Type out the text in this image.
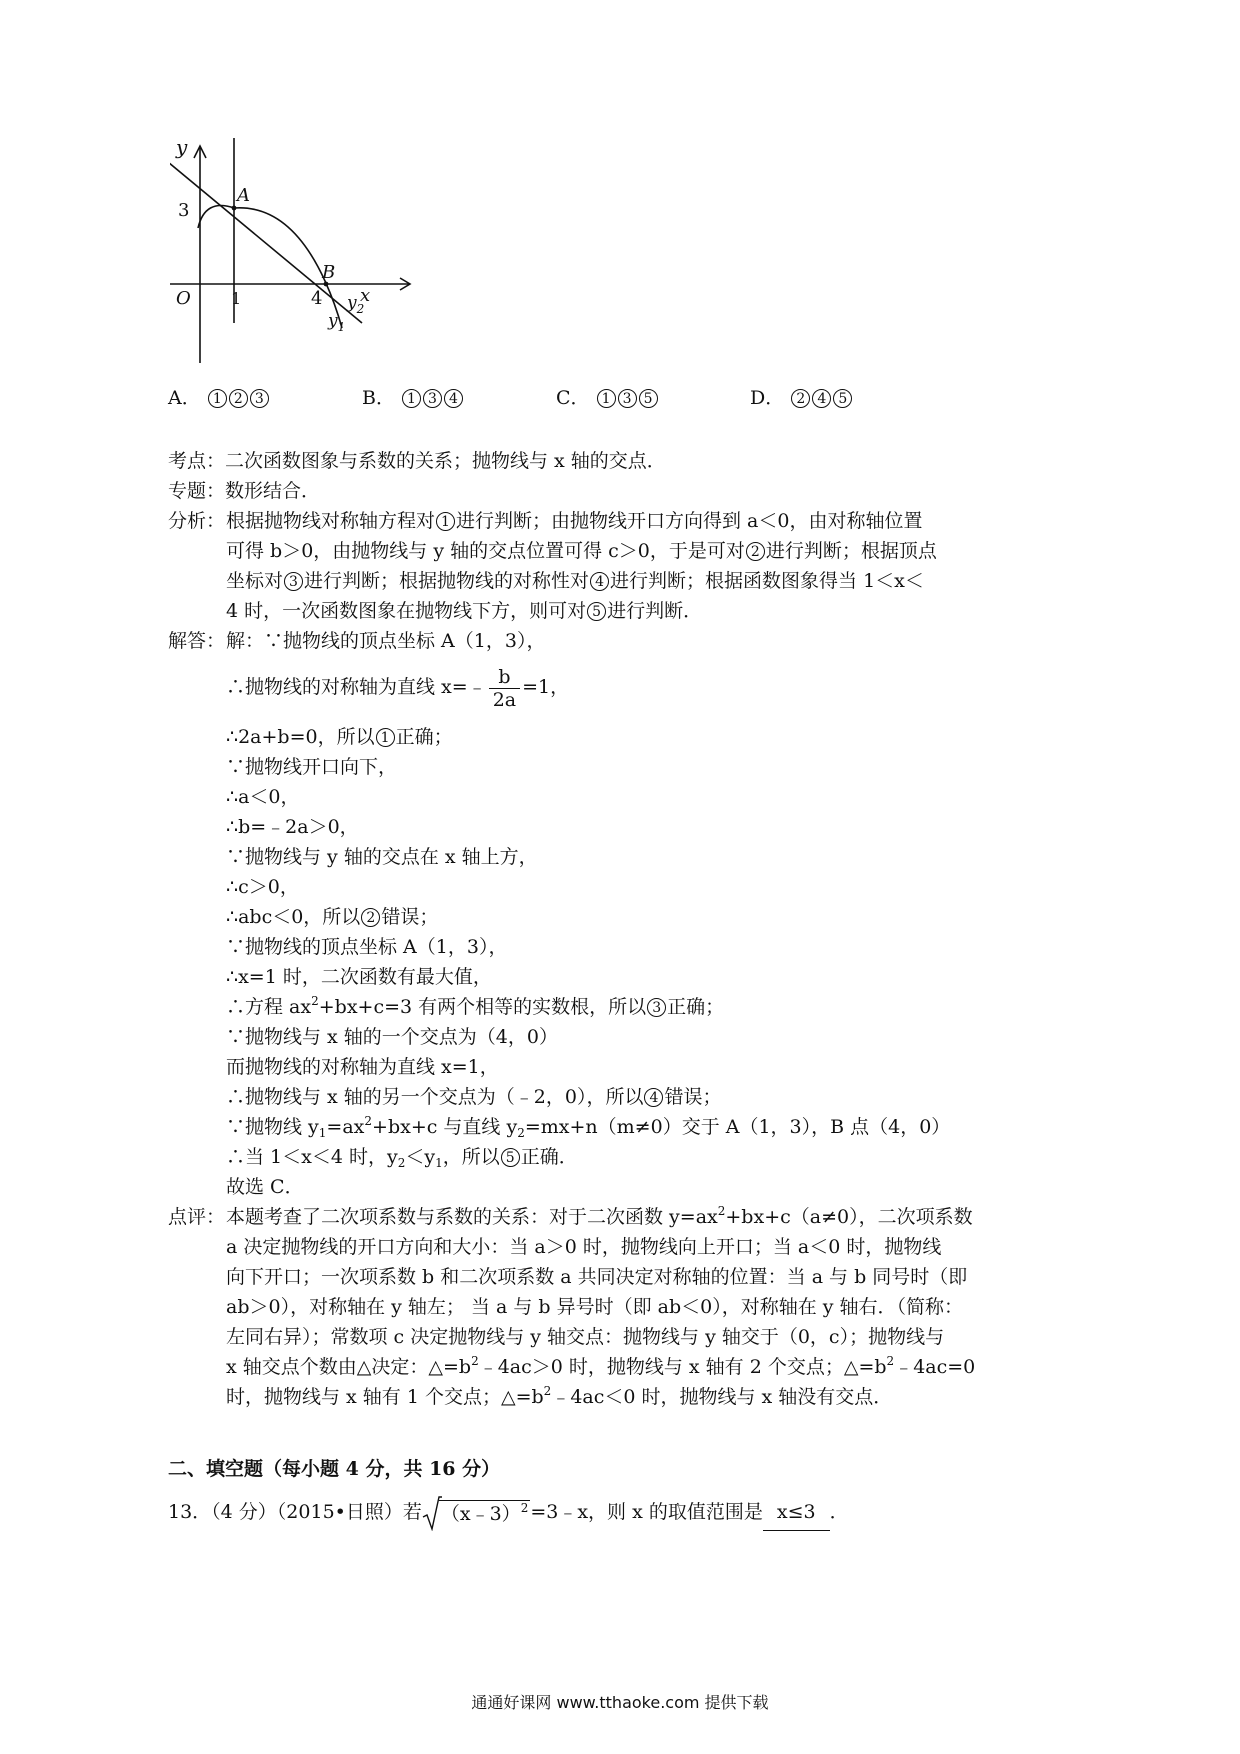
y
x
O
3
1	4
A
B
$y_2$
$y_1$
A． 1 2 3	B． 1 3 4	C． 1 3 5	D． 2 4 5
考点：二次函数图象与系数的关系；抛物线与 x 轴的交点．
专题：数形结合．
分析： 根据抛物线对称轴方程对 1 进行判断；由抛物线开口方向得到 a＜0，由对称轴位置
可得 b＞0，由抛物线与 y 轴的交点位置可得 c＞0，于是可对 2 进行判断；根据顶点
坐标对 3 进行判断；根据抛物线的对称性对 4 进行判断；根据函数图象得当 1＜x＜
4 时，一次函数图象在抛物线下方，则可对 5 进行判断．
解答： 解：∵抛物线的顶点坐标 A（1，3），
∴抛物线的对称轴为直线 x=﹣ $\frac{b}{2a} =1$，
∴2a+b=0，所以 1 正确；
∵抛物线开口向下，
∴a＜0，
∴b=﹣2a＞0，
∵抛物线与 y 轴的交点在 x 轴上方，
∴c＞0，
∴abc＜0，所以 2 错误；
∵抛物线的顶点坐标 A（1，3），
∴x=1 时，二次函数有最大值，
∴方程 $ax^2+bx+c=3$ 有两个相等的实数根，所以 3 正确；
∵抛物线与 x 轴的一个交点为（4，0）
而抛物线的对称轴为直线 x=1，
∴抛物线与 x 轴的另一个交点为（﹣2，0），所以 4 错误；
∵抛物线 $y_1=ax^2+bx+c$ 与直线 $y_2=mx+n(m\ne 0)$交于 A（1，3），B 点（4，0）
∴当 1＜x＜4 时，$y_2<y_1$，所以 5 正确．
故选 C．
点评： 本题考查了二次项系数与系数的关系：对于二次函数 $y=ax^2+bx+c(a\ne 0)$，二次项系数
a 决定抛物线的开口方向和大小：当 a＞0 时，抛物线向上开口；当 a＜0 时，抛物线
向下开口；一次项系数 b 和二次项系数 a 共同决定对称轴的位置：当 a 与 b 同号时（即
ab＞0），对称轴在 y 轴左； 当 a 与 b 异号时（即 ab＜0），对称轴在 y 轴右．（简称：
左同右异）；常数项 c 决定抛物线与 y 轴交点：抛物线与 y 轴交于（0，c）；抛物线与
x 轴交点个数由△决定：$\triangle=b^2﹣4ac>0$ 时，抛物线与 x 轴有 2 个交点；$\triangle=b^2﹣4ac=0$
时，抛物线与 x 轴有 1 个交点；$\triangle=b^2﹣4ac<0$ 时，抛物线与 x 轴没有交点．
二、填空题（每小题 4 分，共 16 分）
13．（4 分）（2015•日照）若 （x﹣3）$^2$ =3﹣x，则 x 的取值范围是 x≤3 ．
通通好课网 www.tthaoke.com 提供下载
